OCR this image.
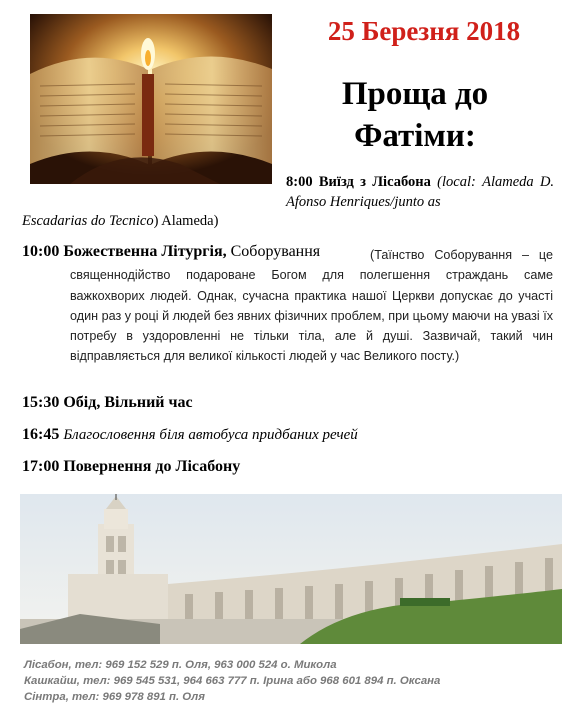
25 Березня 2018
Проща до
Фатіми:
8:00 Виїзд з Лісабона (local: Alameda D. Afonso Henriques/junto as
Escadarias do Tecnico) Alameda)
10:00 Божественна Літургія, Соборування	(Таїнство Соборування – це священнодійство подароване Богом для полегшення страждань саме важкохворих людей. Однак, сучасна практика нашої Церкви допускає до участі один раз у році й людей без явних фізичних проблем, при цьому маючи на увазі їх потребу в уздоровленні не тільки тіла, але й душі. Зазвичай, такий чин відправляється для великої кількості людей у час Великого посту.)
15:30 Обід, Вільний час
16:45 Благословення біля автобуса придбаних речей
17:00 Повернення до Лісабону
Лісабон, тел: 969 152 529 п. Оля, 963 000 524 о. Микола
Кашкайш, тел: 969 545 531, 964 663 777 п. Ірина або 968 601 894 п. Оксана
Сінтра, тел: 969 978 891 п. Оля
